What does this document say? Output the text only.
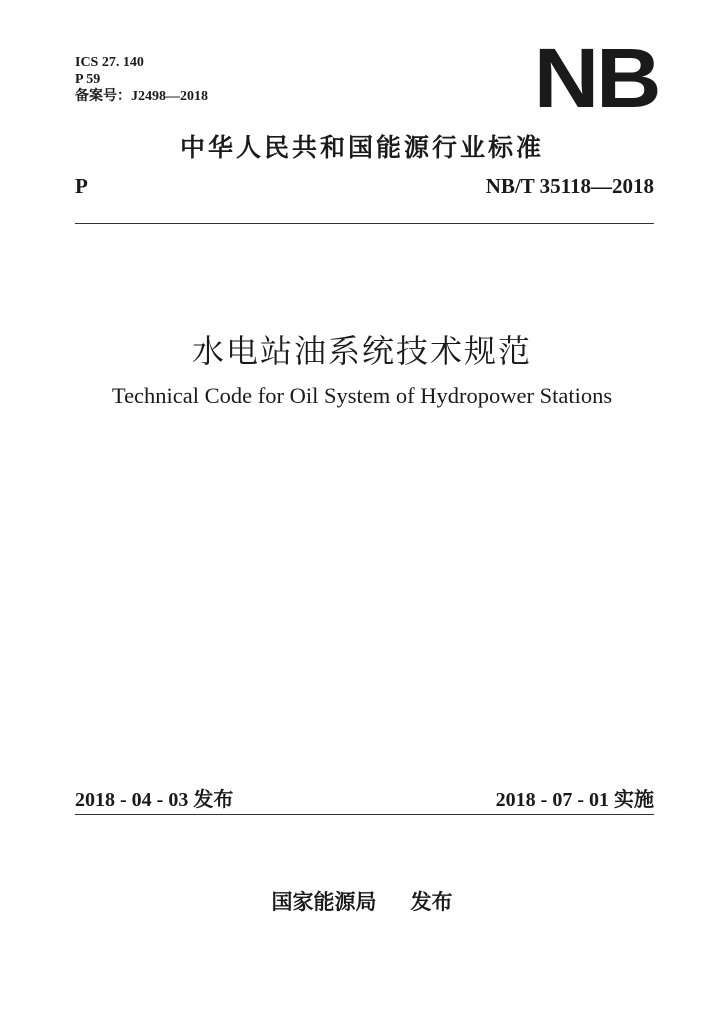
ICS 27. 140
P 59
备案号：J2498—2018	NB
中华人民共和国能源行业标准
P	NB/T 35118—2018
水电站油系统技术规范
Technical Code for Oil System of Hydropower Stations
2018 - 04 - 03 发布	2018 - 07 - 01 实施
国家能源局 发布
